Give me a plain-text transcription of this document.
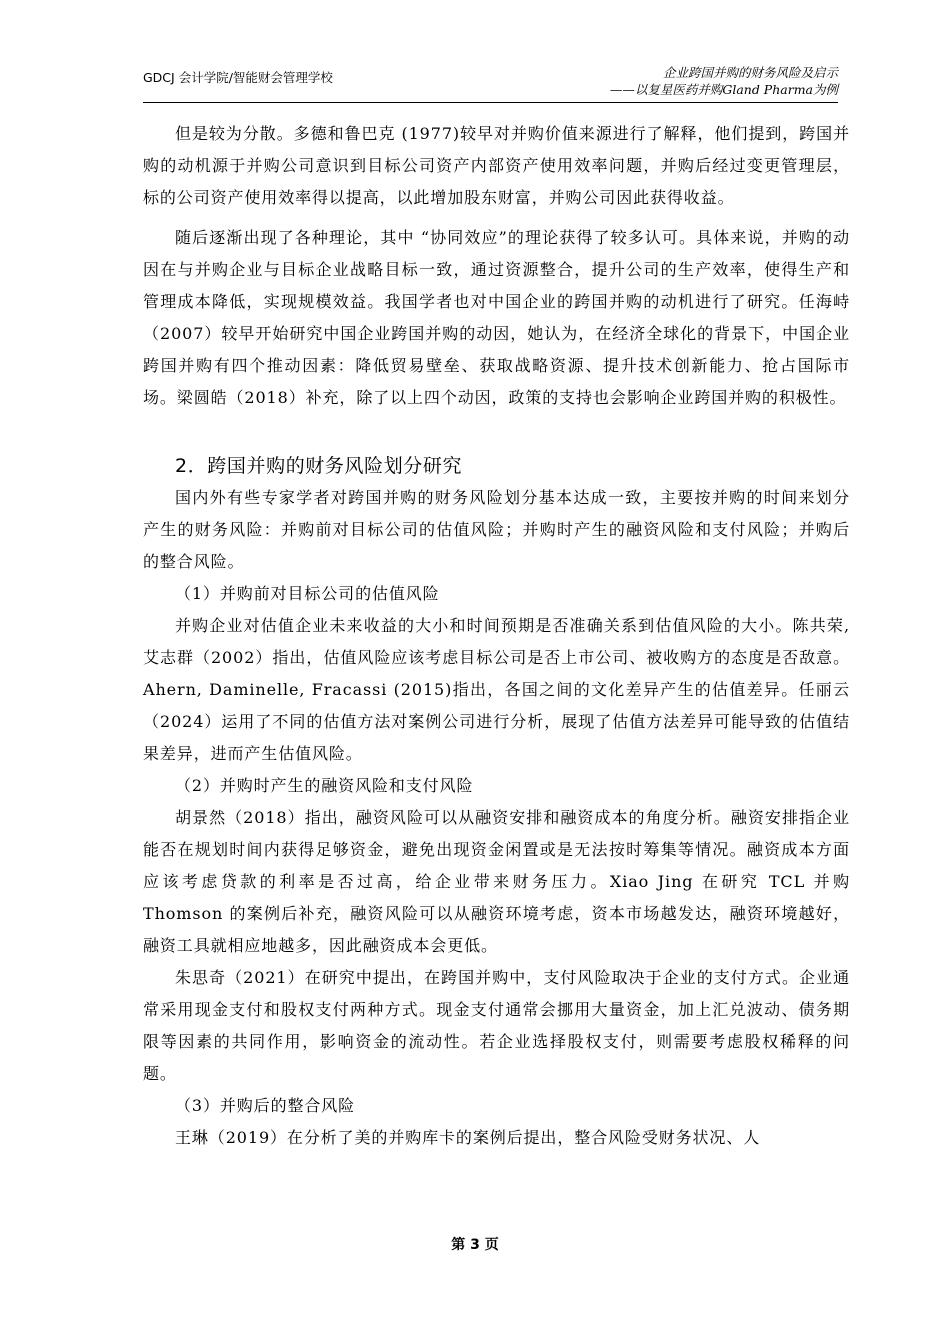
GDCJ 会计学院/智能财会管理学校	企业跨国并购的财务风险及启示
——以复星医药并购Gland Pharma为例

但是较为分散。多德和鲁巴克 (1977)较早对并购价值来源进行了解释，他们提到，跨国并购的动机源于并购公司意识到目标公司资产内部资产使用效率问题，并购后经过变更管理层，标的公司资产使用效率得以提高，以此增加股东财富，并购公司因此获得收益。

随后逐渐出现了各种理论，其中 “协同效应”的理论获得了较多认可。具体来说，并购的动因在与并购企业与目标企业战略目标一致，通过资源整合，提升公司的生产效率，使得生产和管理成本降低，实现规模效益。我国学者也对中国企业的跨国并购的动机进行了研究。任海峙（2007）较早开始研究中国企业跨国并购的动因，她认为，在经济全球化的背景下，中国企业跨国并购有四个推动因素：降低贸易壁垒、获取战略资源、提升技术创新能力、抢占国际市场。梁圆皓（2018）补充，除了以上四个动因，政策的支持也会影响企业跨国并购的积极性。

2．跨国并购的财务风险划分研究

国内外有些专家学者对跨国并购的财务风险划分基本达成一致，主要按并购的时间来划分产生的财务风险：并购前对目标公司的估值风险；并购时产生的融资风险和支付风险；并购后的整合风险。

（1）并购前对目标公司的估值风险

并购企业对估值企业未来收益的大小和时间预期是否准确关系到估值风险的大小。陈共荣,艾志群（2002）指出，估值风险应该考虑目标公司是否上市公司、被收购方的态度是否敌意。Ahern, Daminelle, Fracassi (2015)指出，各国之间的文化差异产生的估值差异。任丽云（2024）运用了不同的估值方法对案例公司进行分析，展现了估值方法差异可能导致的估值结果差异，进而产生估值风险。

（2）并购时产生的融资风险和支付风险

胡景然（2018）指出，融资风险可以从融资安排和融资成本的角度分析。融资安排指企业能否在规划时间内获得足够资金，避免出现资金闲置或是无法按时筹集等情况。融资成本方面应该考虑贷款的利率是否过高，给企业带来财务压力。Xiao Jing 在研究 TCL 并购 Thomson 的案例后补充，融资风险可以从融资环境考虑，资本市场越发达，融资环境越好，融资工具就相应地越多，因此融资成本会更低。

朱思奇（2021）在研究中提出，在跨国并购中，支付风险取决于企业的支付方式。企业通常采用现金支付和股权支付两种方式。现金支付通常会挪用大量资金，加上汇兑波动、债务期限等因素的共同作用，影响资金的流动性。若企业选择股权支付，则需要考虑股权稀释的问题。

（3）并购后的整合风险

王琳（2019）在分析了美的并购库卡的案例后提出，整合风险受财务状况、人

第 3 页
